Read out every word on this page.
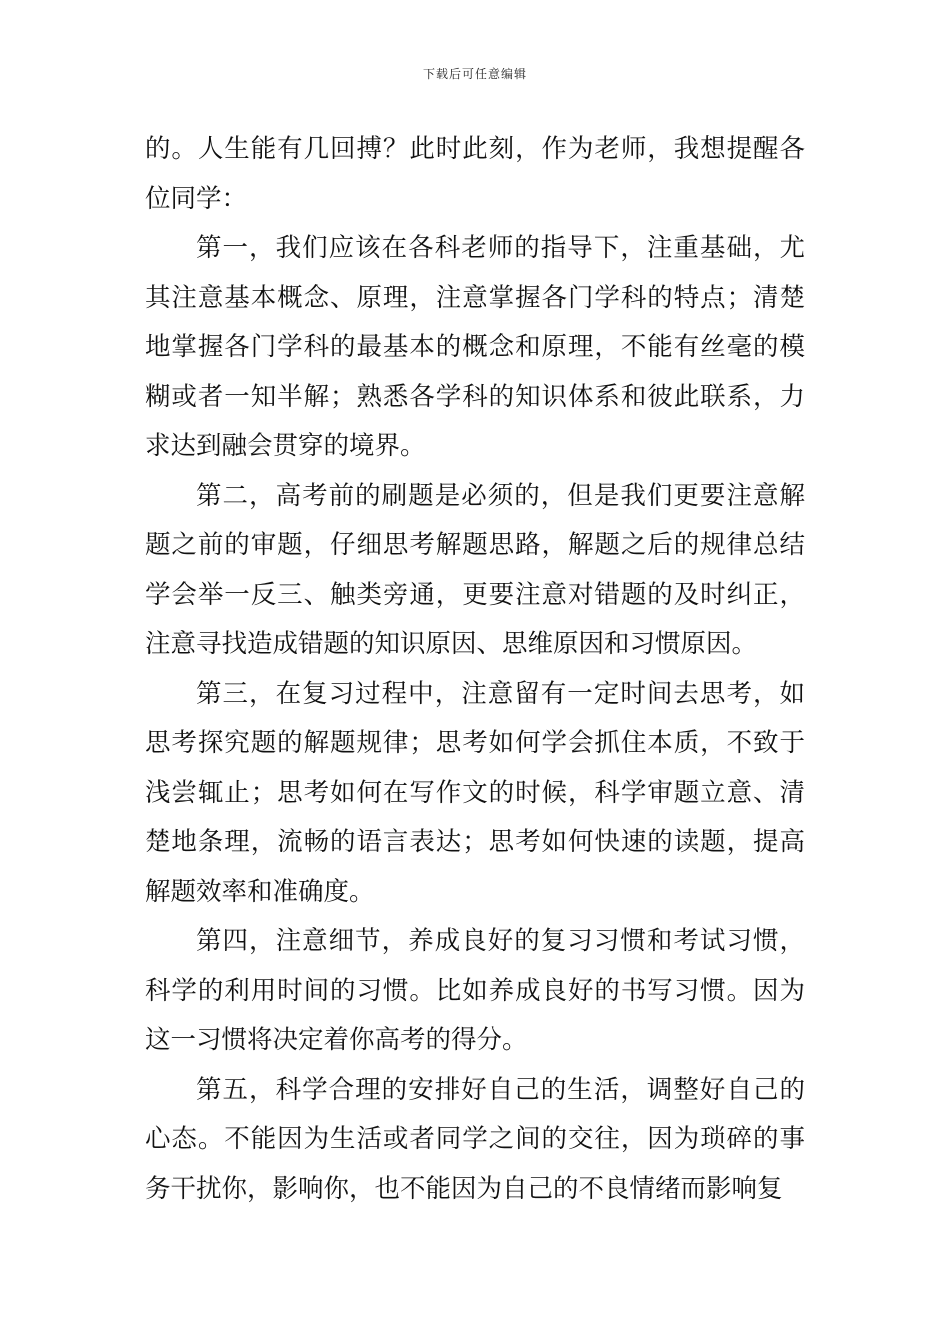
下载后可任意编辑

的。人生能有几回搏？此时此刻，作为老师，我想提醒各位同学：

第一，我们应该在各科老师的指导下，注重基础，尤其注意基本概念、原理，注意掌握各门学科的特点；清楚地掌握各门学科的最基本的概念和原理，不能有丝毫的模糊或者一知半解；熟悉各学科的知识体系和彼此联系，力求达到融会贯穿的境界。

第二，高考前的刷题是必须的，但是我们更要注意解题之前的审题，仔细思考解题思路，解题之后的规律总结学会举一反三、触类旁通，更要注意对错题的及时纠正，注意寻找造成错题的知识原因、思维原因和习惯原因。

第三，在复习过程中，注意留有一定时间去思考，如思考探究题的解题规律；思考如何学会抓住本质，不致于浅尝辄止；思考如何在写作文的时候，科学审题立意、清楚地条理，流畅的语言表达；思考如何快速的读题，提高解题效率和准确度。

第四，注意细节，养成良好的复习习惯和考试习惯，科学的利用时间的习惯。比如养成良好的书写习惯。因为这一习惯将决定着你高考的得分。

第五，科学合理的安排好自己的生活，调整好自己的心态。不能因为生活或者同学之间的交往，因为琐碎的事务干扰你，影响你，也不能因为自己的不良情绪而影响复
